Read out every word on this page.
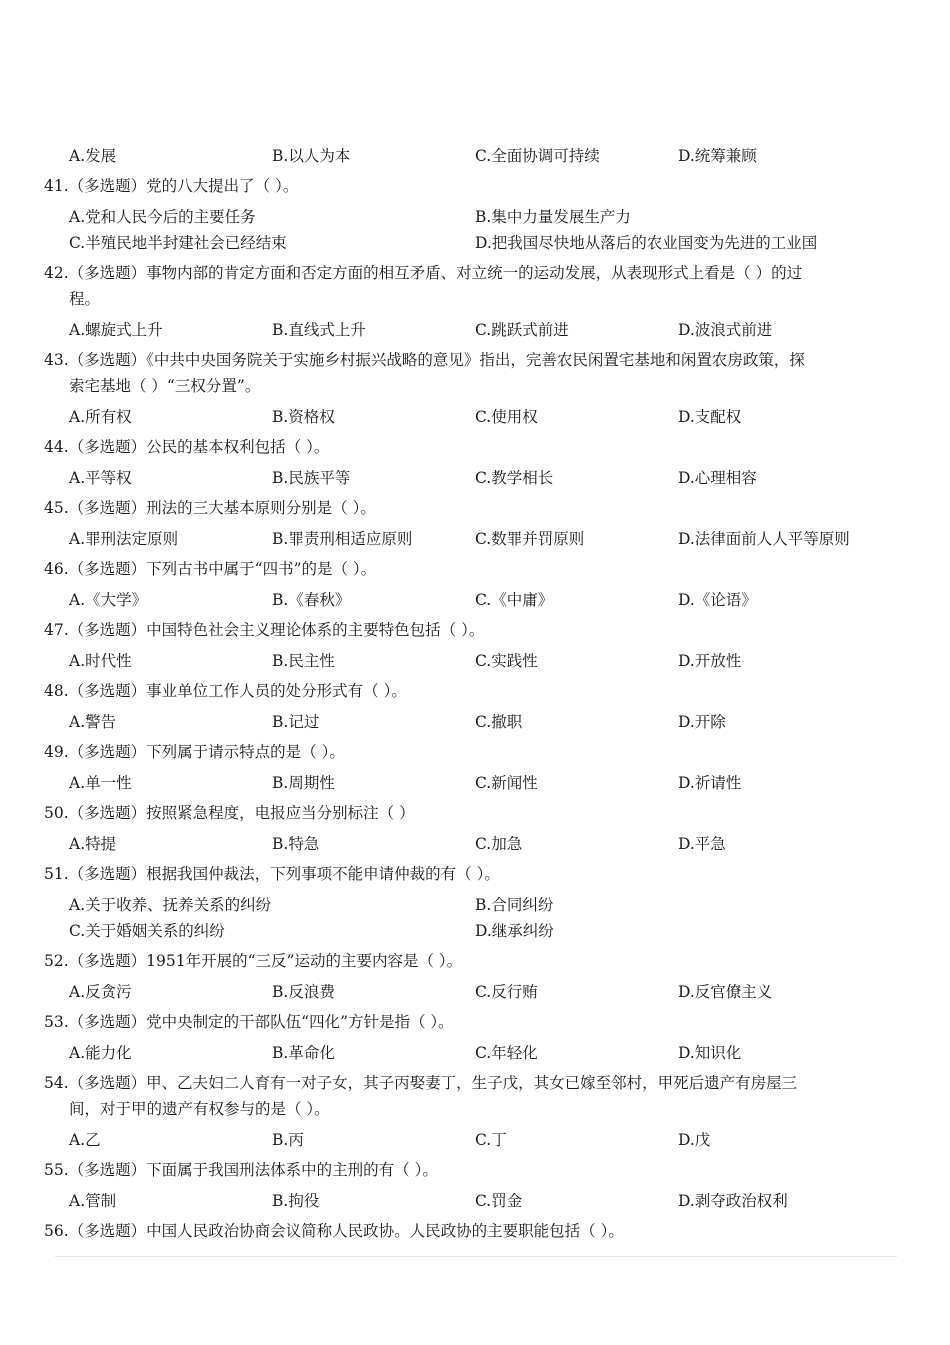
A.发展	B.以人为本	C.全面协调可持续	D.统筹兼顾
41.（多选题）党的八大提出了（ ）。
A.党和人民今后的主要任务	B.集中力量发展生产力
C.半殖民地半封建社会已经结束	D.把我国尽快地从落后的农业国变为先进的工业国
42.（多选题）事物内部的肯定方面和否定方面的相互矛盾、对立统一的运动发展，从表现形式上看是（ ）的过
程。
A.螺旋式上升	B.直线式上升	C.跳跃式前进	D.波浪式前进
43.（多选题）《中共中央国务院关于实施乡村振兴战略的意见》指出，完善农民闲置宅基地和闲置农房政策，探
索宅基地（ ）“三权分置”。
A.所有权	B.资格权	C.使用权	D.支配权
44.（多选题）公民的基本权利包括（ ）。
A.平等权	B.民族平等	C.教学相长	D.心理相容
45.（多选题）刑法的三大基本原则分别是（ ）。
A.罪刑法定原则	B.罪责刑相适应原则	C.数罪并罚原则	D.法律面前人人平等原则
46.（多选题）下列古书中属于“四书”的是（ ）。
A.《大学》	B.《春秋》	C.《中庸》	D.《论语》
47.（多选题）中国特色社会主义理论体系的主要特色包括（ ）。
A.时代性	B.民主性	C.实践性	D.开放性
48.（多选题）事业单位工作人员的处分形式有（ ）。
A.警告	B.记过	C.撤职	D.开除
49.（多选题）下列属于请示特点的是（ ）。
A.单一性	B.周期性	C.新闻性	D.祈请性
50.（多选题）按照紧急程度，电报应当分别标注（ ）
A.特提	B.特急	C.加急	D.平急
51.（多选题）根据我国仲裁法，下列事项不能申请仲裁的有（ ）。
A.关于收养、抚养关系的纠纷	B.合同纠纷
C.关于婚姻关系的纠纷	D.继承纠纷
52.（多选题）1951年开展的“三反”运动的主要内容是（ ）。
A.反贪污	B.反浪费	C.反行贿	D.反官僚主义
53.（多选题）党中央制定的干部队伍“四化”方针是指（ ）。
A.能力化	B.革命化	C.年轻化	D.知识化
54.（多选题）甲、乙夫妇二人育有一对子女，其子丙娶妻丁，生子戊，其女已嫁至邻村，甲死后遗产有房屋三
间，对于甲的遗产有权参与的是（ ）。
A.乙	B.丙	C.丁	D.戊
55.（多选题）下面属于我国刑法体系中的主刑的有（ ）。
A.管制	B.拘役	C.罚金	D.剥夺政治权利
56.（多选题）中国人民政治协商会议简称人民政协。人民政协的主要职能包括（ ）。
